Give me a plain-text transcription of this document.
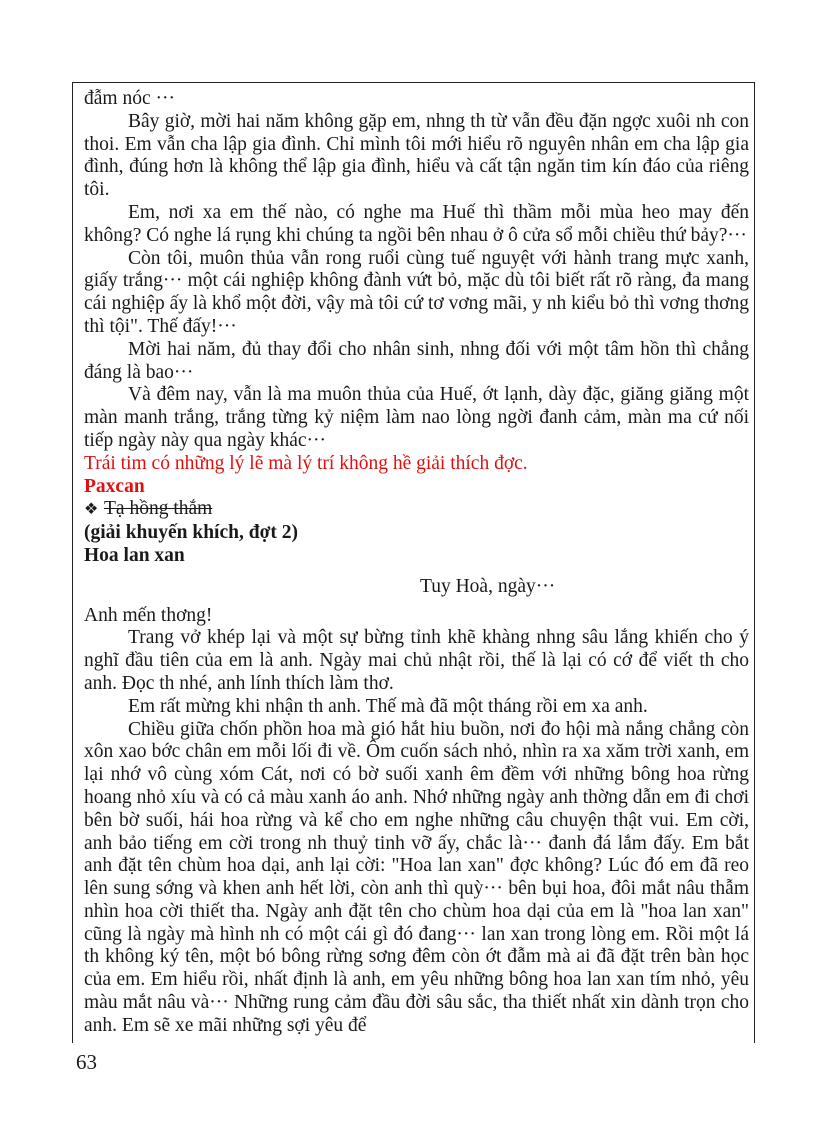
đẫm nóc ···

Bây giờ, mời hai năm không gặp em, nhng th từ vẫn đều đặn ngợc xuôi nh con thoi. Em vẫn cha lập gia đình. Chỉ mình tôi mới hiểu rõ nguyên nhân em cha lập gia đình, đúng hơn là không thể lập gia đình, hiểu và cất tận ngăn tim kín đáo của riêng tôi.

Em, nơi xa em thế nào, có nghe ma Huế thì thầm mỗi mùa heo may đến không? Có nghe lá rụng khi chúng ta ngồi bên nhau ở ô cửa sổ mỗi chiều thứ bảy?···

Còn tôi, muôn thủa vẫn rong ruổi cùng tuế nguyệt với hành trang mực xanh, giấy trắng··· một cái nghiệp không đành vứt bỏ, mặc dù tôi biết rất rõ ràng, đa mang cái nghiệp ấy là khổ một đời, vậy mà tôi cứ tơ vơng mãi, y nh kiểu bỏ thì vơng thơng thì tội". Thế đấy!···

Mời hai năm, đủ thay đổi cho nhân sinh, nhng đối với một tâm hồn thì chẳng đáng là bao···

Và đêm nay, vẫn là ma muôn thủa của Huế, ớt lạnh, dày đặc, giăng giăng một màn manh trắng, trắng từng kỷ niệm làm nao lòng ngời đanh cảm, màn ma cứ nối tiếp ngày này qua ngày khác···

Trái tim có những lý lẽ mà lý trí không hề giải thích đợc.

Paxcan

❖ Tạ hồng thắm

(giải khuyến khích, đợt 2)

Hoa lan xan

Tuy Hoà, ngày···

Anh mến thơng!

Trang vở khép lại và một sự bừng tỉnh khẽ khàng nhng sâu lắng khiến cho ý nghĩ đầu tiên của em là anh. Ngày mai chủ nhật rồi, thế là lại có cớ để viết th cho anh. Đọc th nhé, anh lính thích làm thơ.

Em rất mừng khi nhận th anh. Thế mà đã một tháng rồi em xa anh.

Chiều giữa chốn phồn hoa mà gió hắt hiu buồn, nơi đo hội mà nắng chẳng còn xôn xao bớc chân em mỗi lối đi về. Ôm cuốn sách nhỏ, nhìn ra xa xăm trời xanh, em lại nhớ vô cùng xóm Cát, nơi có bờ suối xanh êm đềm với những bông hoa rừng hoang nhỏ xíu và có cả màu xanh áo anh. Nhớ những ngày anh thờng dẫn em đi chơi bên bờ suối, hái hoa rừng và kể cho em nghe những câu chuyện thật vui. Em cời, anh bảo tiếng em cời trong nh thuỷ tinh vỡ ấy, chắc là··· đanh đá lắm đấy. Em bắt anh đặt tên chùm hoa dại, anh lại cời: "Hoa lan xan" đợc không? Lúc đó em đã reo lên sung sớng và khen anh hết lời, còn anh thì quỳ··· bên bụi hoa, đôi mắt nâu thẫm nhìn hoa cời thiết tha. Ngày anh đặt tên cho chùm hoa dại của em là "hoa lan xan" cũng là ngày mà hình nh có một cái gì đó đang··· lan xan trong lòng em. Rồi một lá th không ký tên, một bó bông rừng sơng đêm còn ớt đẫm mà ai đã đặt trên bàn học của em. Em hiểu rồi, nhất định là anh, em yêu những bông hoa lan xan tím nhỏ, yêu màu mắt nâu và··· Những rung cảm đầu đời sâu sắc, tha thiết nhất xin dành trọn cho anh. Em sẽ xe mãi những sợi yêu để

63
